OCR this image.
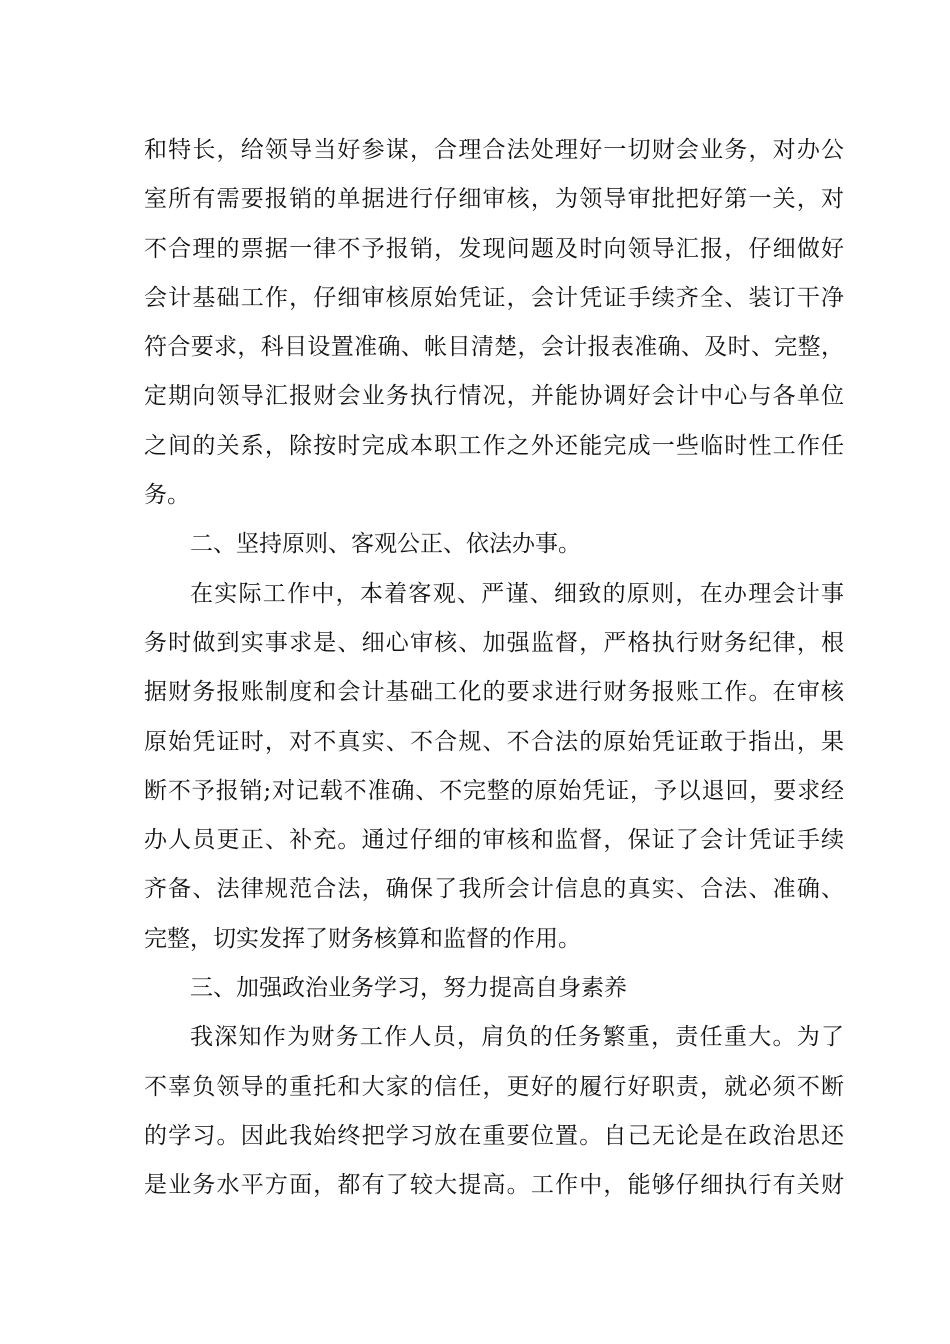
和特长，给领导当好参谋，合理合法处理好一切财会业务，对办公
室所有需要报销的单据进行仔细审核，为领导审批把好第一关，对
不合理的票据一律不予报销，发现问题及时向领导汇报，仔细做好
会计基础工作，仔细审核原始凭证，会计凭证手续齐全、装订干净
符合要求，科目设置准确、帐目清楚，会计报表准确、及时、完整，
定期向领导汇报财会业务执行情况，并能协调好会计中心与各单位
之间的关系，除按时完成本职工作之外还能完成一些临时性工作任
务。
二、坚持原则、客观公正、依法办事。
在实际工作中，本着客观、严谨、细致的原则，在办理会计事
务时做到实事求是、细心审核、加强监督，严格执行财务纪律，根
据财务报账制度和会计基础工化的要求进行财务报账工作。在审核
原始凭证时，对不真实、不合规、不合法的原始凭证敢于指出，果
断不予报销;对记载不准确、不完整的原始凭证，予以退回，要求经
办人员更正、补充。通过仔细的审核和监督，保证了会计凭证手续
齐备、法律规范合法，确保了我所会计信息的真实、合法、准确、
完整，切实发挥了财务核算和监督的作用。
三、加强政治业务学习，努力提高自身素养
我深知作为财务工作人员，肩负的任务繁重，责任重大。为了
不辜负领导的重托和大家的信任，更好的履行好职责，就必须不断
的学习。因此我始终把学习放在重要位置。自己无论是在政治思还
是业务水平方面，都有了较大提高。工作中，能够仔细执行有关财
